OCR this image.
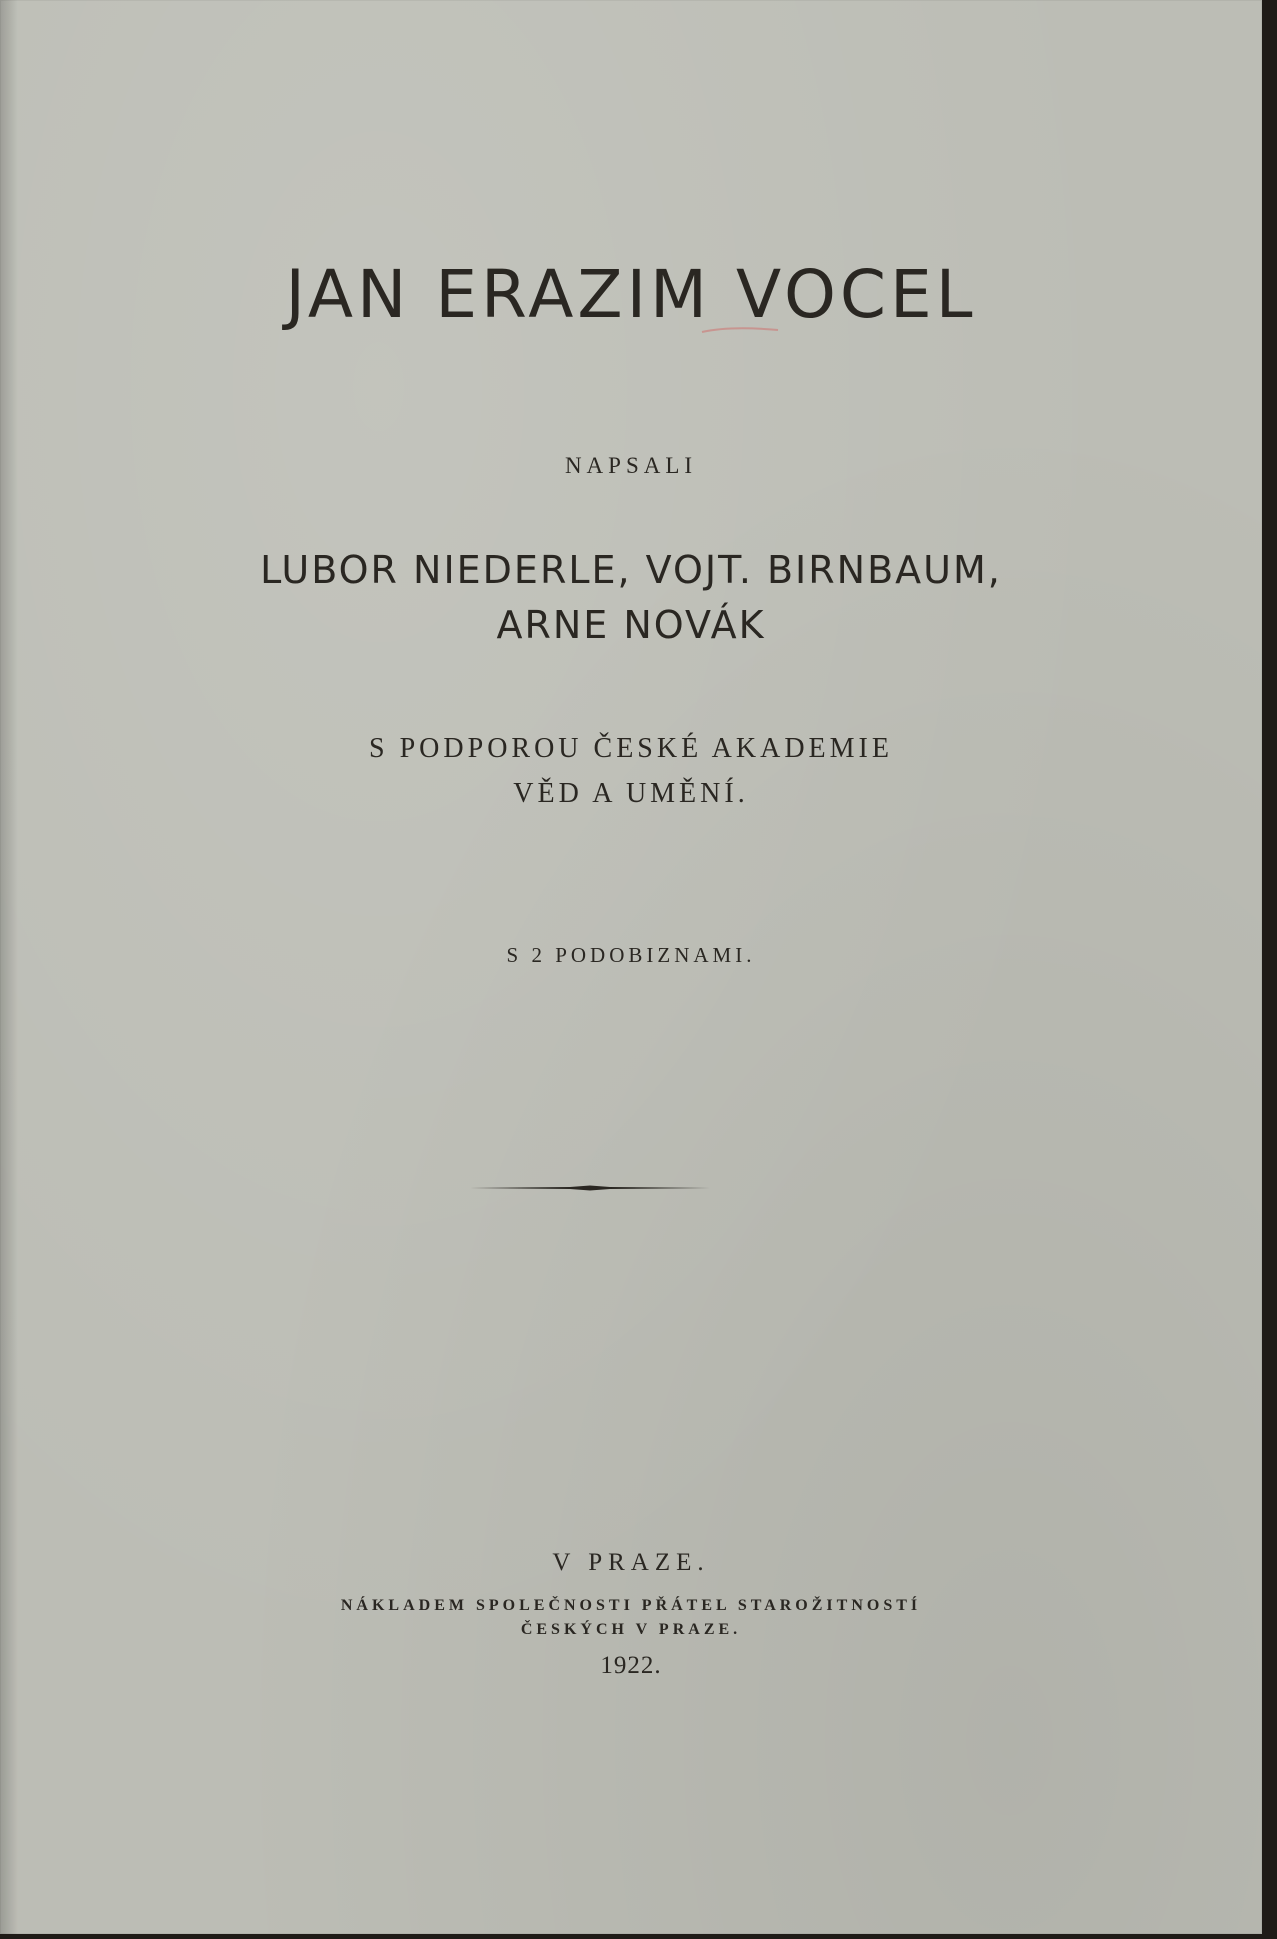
JAN ERAZIM VOCEL

NAPSALI

LUBOR NIEDERLE, VOJT. BIRNBAUM,

ARNE NOVÁK

S PODPOROU ČESKÉ AKADEMIE

VĚD A UMĚNÍ.

S 2 PODOBIZNAMI.

V PRAZE.

NÁKLADEM SPOLEČNOSTI PŘÁTEL STAROŽITNOSTÍ

ČESKÝCH V PRAZE.

1922.
